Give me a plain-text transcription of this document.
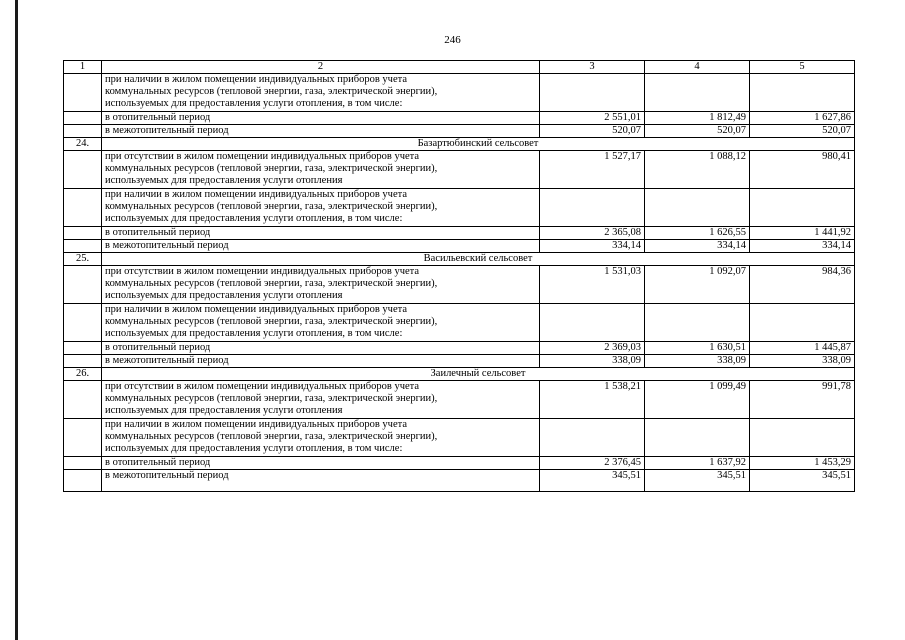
246
1	2	3	4	5

	при наличии в жилом помещении индивидуальных приборов учета
коммунальных ресурсов (тепловой энергии, газа, электрической энергии),
используемых для предоставления услуги отопления, в том числе:			

	в отопительный период	2 551,01	1 812,49	1 627,86

	в межотопительный период	520,07	520,07	520,07
24.	Базартюбинский сельсовет			

	при отсутствии в жилом помещении индивидуальных приборов учета
коммунальных ресурсов (тепловой энергии, газа, электрической энергии),
используемых для предоставления услуги отопления	1 527,17	1 088,12	980,41

	при наличии в жилом помещении индивидуальных приборов учета
коммунальных ресурсов (тепловой энергии, газа, электрической энергии),
используемых для предоставления услуги отопления, в том числе:			

	в отопительный период	2 365,08	1 626,55	1 441,92

	в межотопительный период	334,14	334,14	334,14
25.	Васильевский сельсовет			

	при отсутствии в жилом помещении индивидуальных приборов учета
коммунальных ресурсов (тепловой энергии, газа, электрической энергии),
используемых для предоставления услуги отопления	1 531,03	1 092,07	984,36

	при наличии в жилом помещении индивидуальных приборов учета
коммунальных ресурсов (тепловой энергии, газа, электрической энергии),
используемых для предоставления услуги отопления, в том числе:			

	в отопительный период	2 369,03	1 630,51	1 445,87

	в межотопительный период	338,09	338,09	338,09
26.	Заилечный сельсовет			

	при отсутствии в жилом помещении индивидуальных приборов учета
коммунальных ресурсов (тепловой энергии, газа, электрической энергии),
используемых для предоставления услуги отопления	1 538,21	1 099,49	991,78

	при наличии в жилом помещении индивидуальных приборов учета
коммунальных ресурсов (тепловой энергии, газа, электрической энергии),
используемых для предоставления услуги отопления, в том числе:			

	в отопительный период	2 376,45	1 637,92	1 453,29

	в межотопительный период	345,51	345,51	345,51
